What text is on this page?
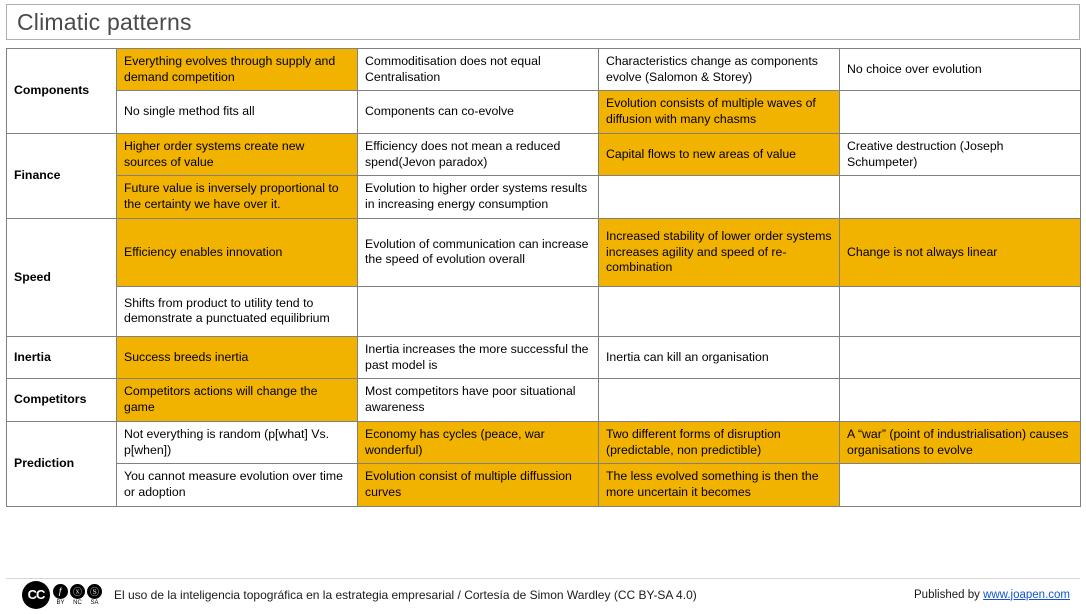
Climatic patterns
Components	Everything evolves through supply and demand competition	Commoditisation does not equal Centralisation	Characteristics change as components evolve (Salomon & Storey)	No choice over evolution
	No single method fits all	Components can co-evolve	Evolution consists of multiple waves of diffusion with many chasms	
Finance	Higher order systems create new sources of value	Efficiency does not mean a reduced spend(Jevon paradox)	Capital flows to new areas of value	Creative destruction (Joseph Schumpeter)
	Future value is inversely proportional to the certainty we have over it.	Evolution to higher order systems results in increasing energy consumption		
Speed	Efficiency enables innovation	Evolution of communication can increase the speed of evolution overall	Increased stability of lower order systems increases agility and speed of re-combination	Change is not always linear
	Shifts from product to utility tend to demonstrate a punctuated equilibrium			
Inertia	Success breeds inertia	Inertia increases the more successful the past model is	Inertia can kill an organisation	
Competitors	Competitors actions will change the game	Most competitors have poor situational awareness		
Prediction	Not everything is random (p[what] Vs. p[when])	Economy has cycles (peace, war wonderful)	Two different forms of disruption (predictable, non predictible)	A “war” (point of industrialisation) causes organisations to evolve
	You cannot measure evolution over time or adoption	Evolution consist of multiple diffussion curves	The less evolved something is then the more uncertain it becomes	
CC	ƒ	ⓧ Ⓢ
BY	NC	SA
El uso de la inteligencia topográfica en la estrategia empresarial / Cortesía de Simon Wardley (CC BY-SA 4.0)	Published by www.joapen.com
